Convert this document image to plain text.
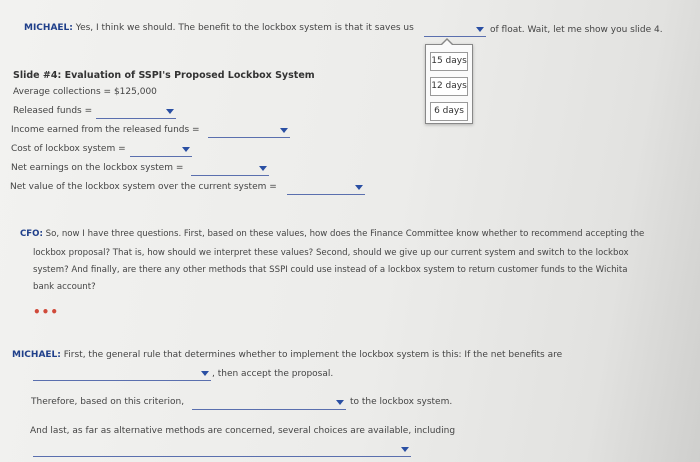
MICHAEL: Yes, I think we should. The benefit to the lockbox system is that it saves us	of float. Wait, let me show you slide 4.
15 days
12 days
6 days
Slide #4: Evaluation of SSPI's Proposed Lockbox System
Average collections = $125,000
Released funds =
Income earned from the released funds =
Cost of lockbox system =
Net earnings on the lockbox system =
Net value of the lockbox system over the current system =
CFO: So, now I have three questions. First, based on these values, how does the Finance Committee know whether to recommend accepting the
lockbox proposal? That is, how should we interpret these values? Second, should we give up our current system and switch to the lockbox
system? And finally, are there any other methods that SSPI could use instead of a lockbox system to return customer funds to the Wichita
bank account?
•••
MICHAEL: First, the general rule that determines whether to implement the lockbox system is this: If the net benefits are
, then accept the proposal.
Therefore, based on this criterion,	to the lockbox system.
And last, as far as alternative methods are concerned, several choices are available, including
